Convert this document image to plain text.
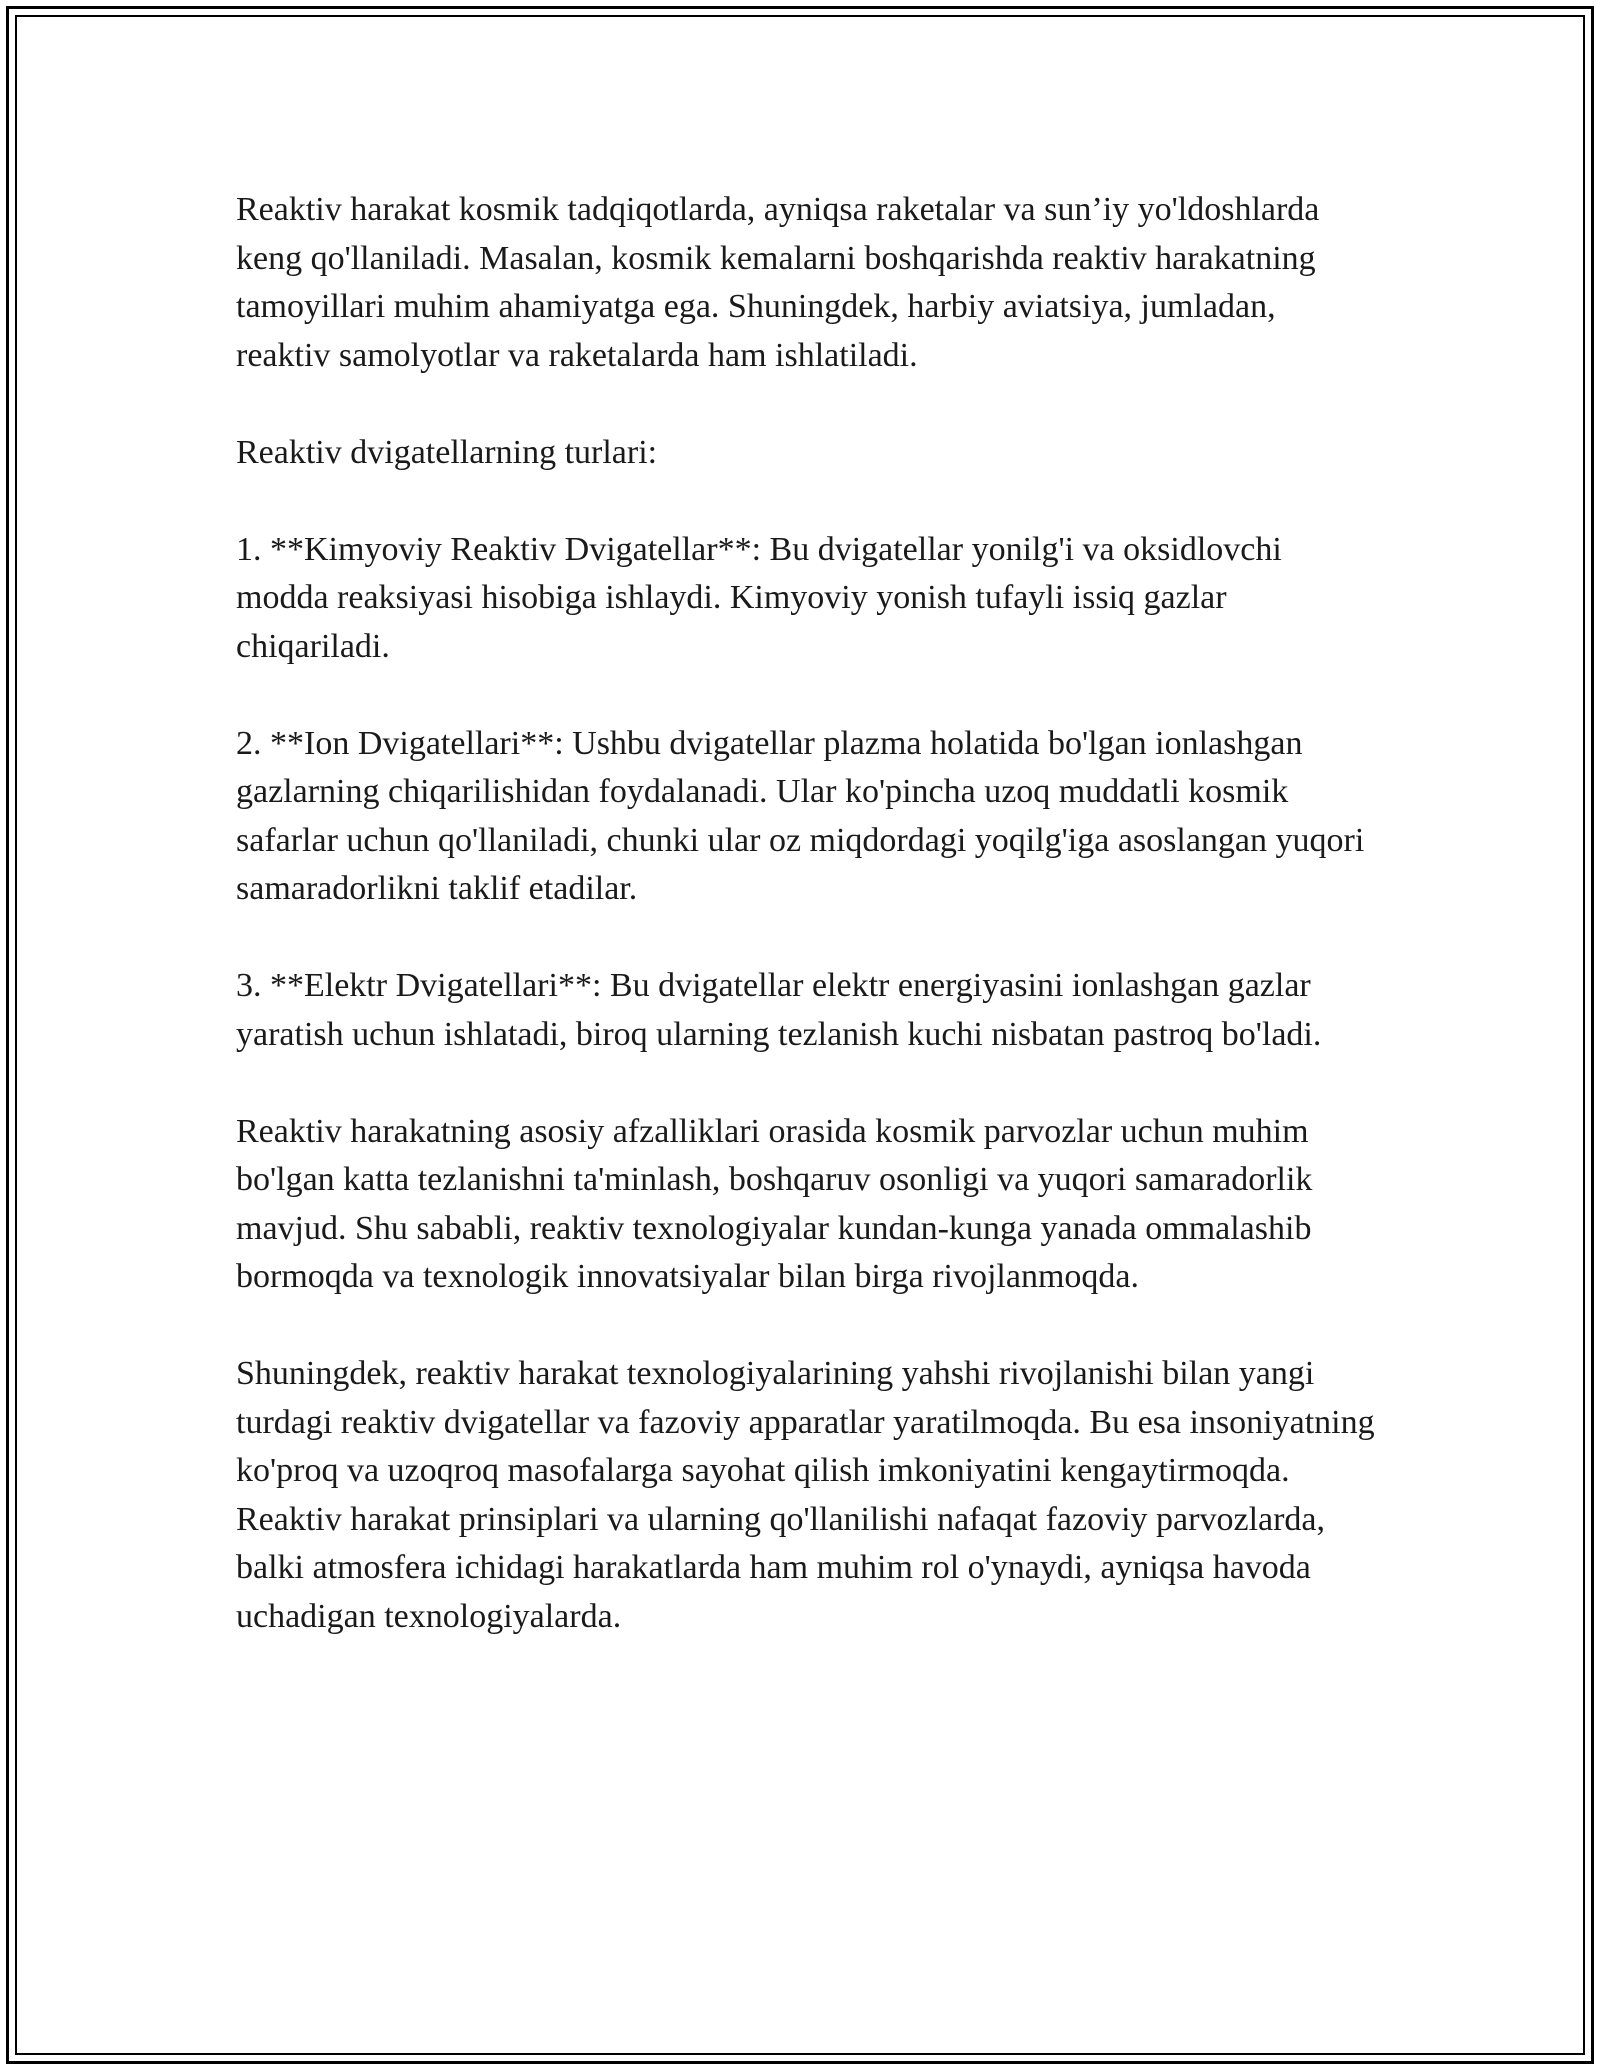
Reaktiv harakat kosmik tadqiqotlarda, ayniqsa raketalar va sun’iy yo'ldoshlarda keng qo'llaniladi. Masalan, kosmik kemalarni boshqarishda reaktiv harakatning tamoyillari muhim ahamiyatga ega. Shuningdek, harbiy aviatsiya, jumladan, reaktiv samolyotlar va raketalarda ham ishlatiladi.

Reaktiv dvigatellarning turlari:

1. **Kimyoviy Reaktiv Dvigatellar**: Bu dvigatellar yonilg'i va oksidlovchi modda reaksiyasi hisobiga ishlaydi. Kimyoviy yonish tufayli issiq gazlar chiqariladi.

2. **Ion Dvigatellari**: Ushbu dvigatellar plazma holatida bo'lgan ionlashgan gazlarning chiqarilishidan foydalanadi. Ular ko'pincha uzoq muddatli kosmik safarlar uchun qo'llaniladi, chunki ular oz miqdordagi yoqilg'iga asoslangan yuqori samaradorlikni taklif etadilar.

3. **Elektr Dvigatellari**: Bu dvigatellar elektr energiyasini ionlashgan gazlar yaratish uchun ishlatadi, biroq ularning tezlanish kuchi nisbatan pastroq bo'ladi.

Reaktiv harakatning asosiy afzalliklari orasida kosmik parvozlar uchun muhim bo'lgan katta tezlanishni ta'minlash, boshqaruv osonligi va yuqori samaradorlik mavjud. Shu sababli, reaktiv texnologiyalar kundan-kunga yanada ommalashib bormoqda va texnologik innovatsiyalar bilan birga rivojlanmoqda.

Shuningdek, reaktiv harakat texnologiyalarining yahshi rivojlanishi bilan yangi turdagi reaktiv dvigatellar va fazoviy apparatlar yaratilmoqda. Bu esa insoniyatning ko'proq va uzoqroq masofalarga sayohat qilish imkoniyatini kengaytirmoqda. Reaktiv harakat prinsiplari va ularning qo'llanilishi nafaqat fazoviy parvozlarda, balki atmosfera ichidagi harakatlarda ham muhim rol o'ynaydi, ayniqsa havoda uchadigan texnologiyalarda.
